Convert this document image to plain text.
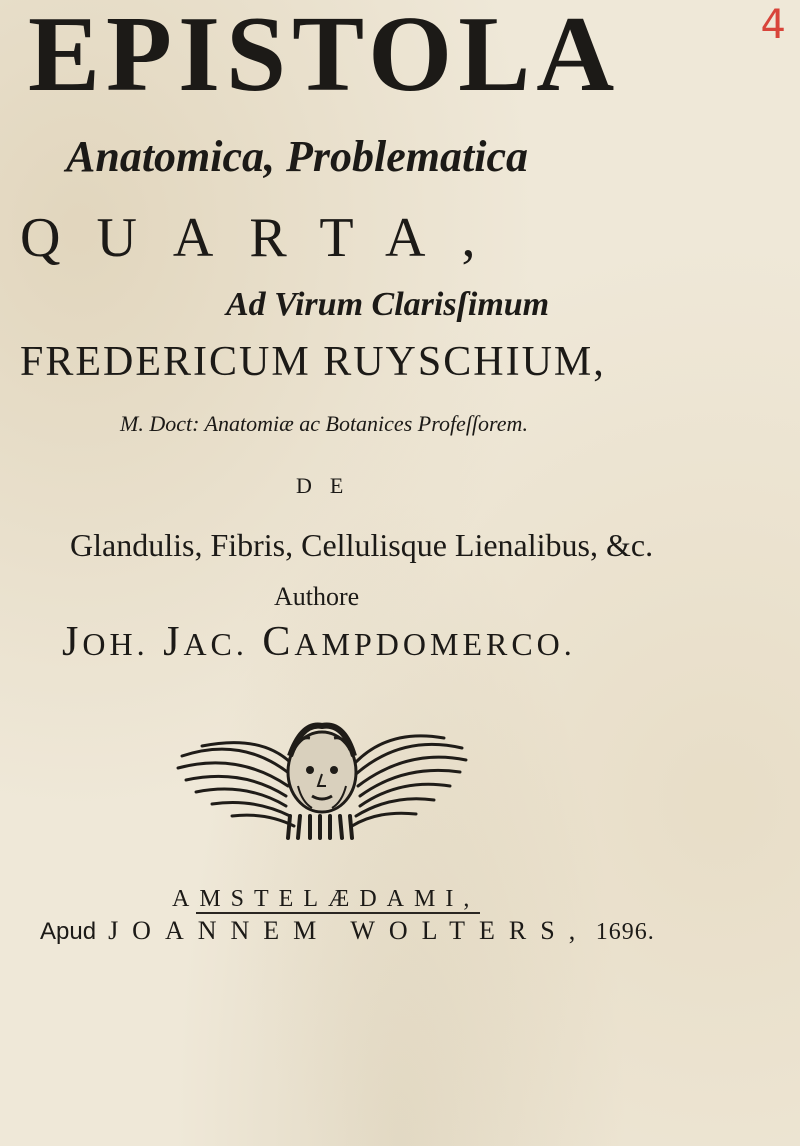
4
EPISTOLA
Anatomica, Problematica
QUARTA,
Ad Virum Clarisſimum
FREDERICUM RUYSCHIUM,
M. Doct: Anatomiæ ac Botanices Profeſſorem.
DE
Glandulis, Fibris, Cellulisque Lienalibus, &c.
Authore
JOH. JAC. CAMPDOMERCO.
AMSTELÆDAMI,
Apud JOANNEM WOLTERS, 1696.
